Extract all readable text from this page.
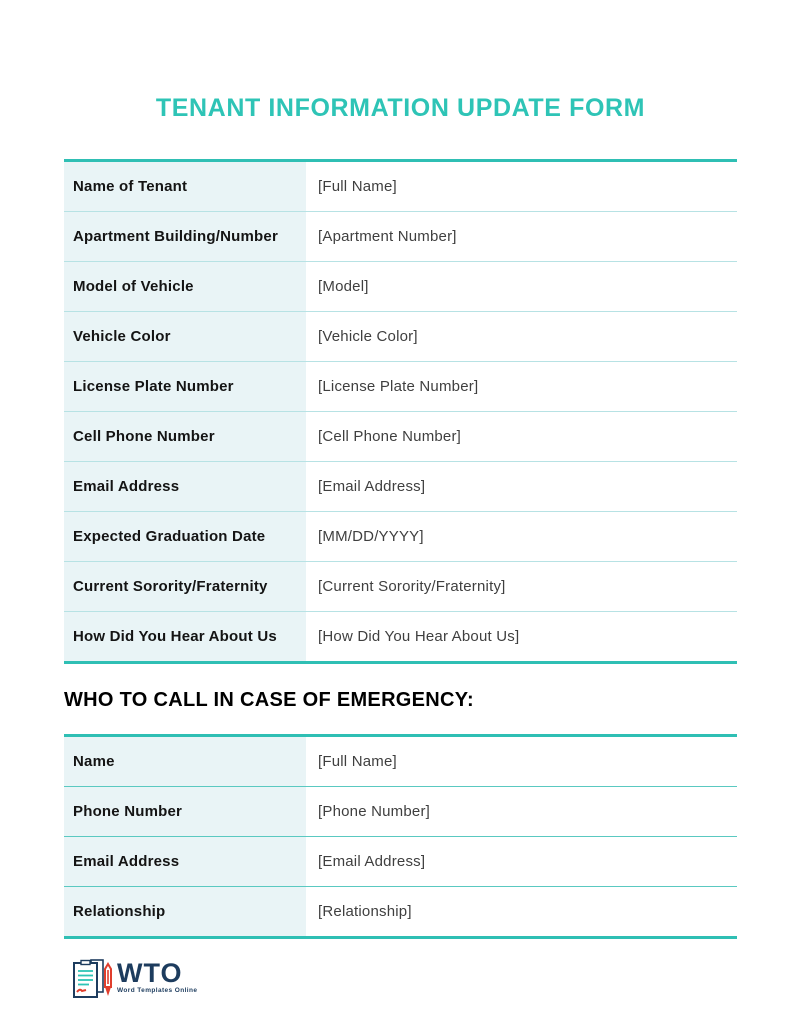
TENANT INFORMATION UPDATE FORM
Name of Tenant	[Full Name]
Apartment Building/Number	[Apartment Number]
Model of Vehicle	[Model]
Vehicle Color	[Vehicle Color]
License Plate Number	[License Plate Number]
Cell Phone Number	[Cell Phone Number]
Email Address	[Email Address]
Expected Graduation Date	[MM/DD/YYYY]
Current Sorority/Fraternity	[Current Sorority/Fraternity]
How Did You Hear About Us	[How Did You Hear About Us]
WHO TO CALL IN CASE OF EMERGENCY:
Name	[Full Name]
Phone Number	[Phone Number]
Email Address	[Email Address]
Relationship	[Relationship]
WTO
Word Templates Online
